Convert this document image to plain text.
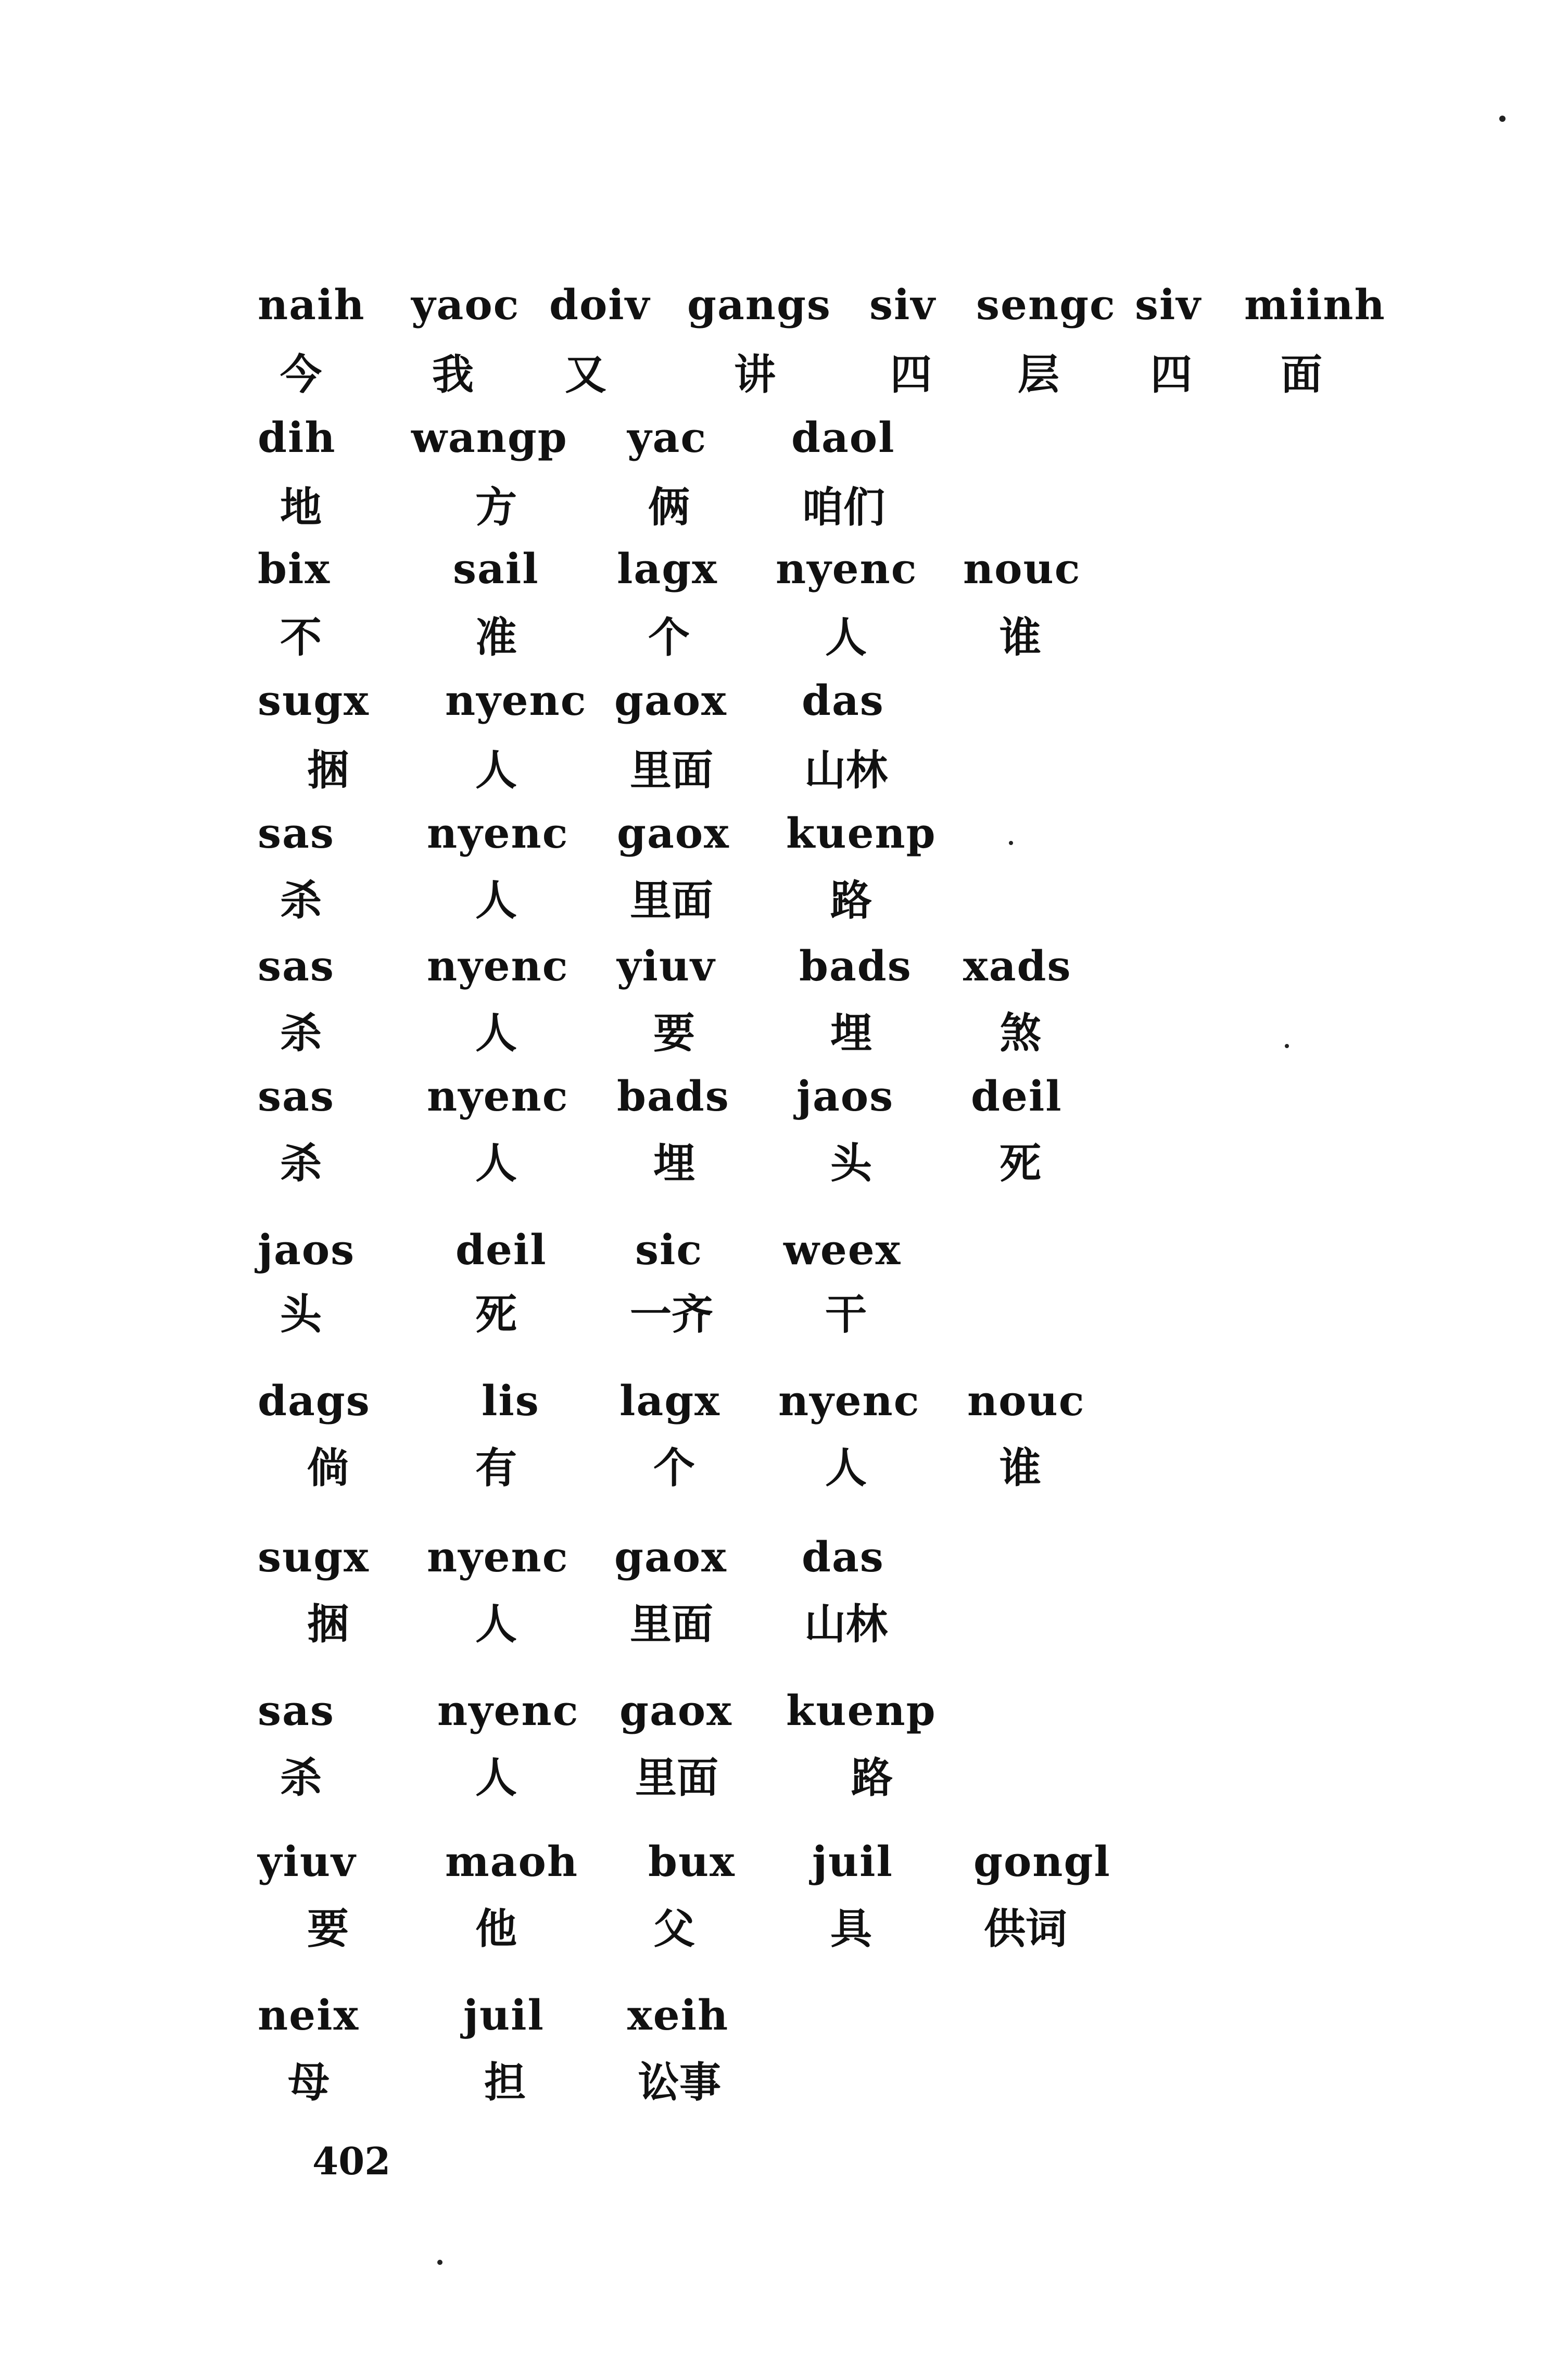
naih yaoc doiv gangs siv sengc siv miinh
今	我 又	讲	四 层 四 面
dih wangp yac daol
地	方	俩	咱们
bix	sail lagx nyenc nouc
不	准	个	人	谁
sugx nyenc gaox das
捆	人	里面 山林
sas nyenc gaox kuenp
杀	人	里面	路
sas nyenc yiuv bads xads
杀	人	要	埋	煞
sas nyenc bads jaos deil
杀	人	埋	头	死
jaos deil sic weex
头	死	一齐	干
dags	lis lagx nyenc nouc
倘	有	个	人	谁
sugx nyenc gaox das
捆	人	里面 山林
sas nyenc gaox kuenp
杀	人	里面	路
yiuv maoh bux juil gongl
要	他	父	具	供词
neix juil xeih
母	担	讼事
402
